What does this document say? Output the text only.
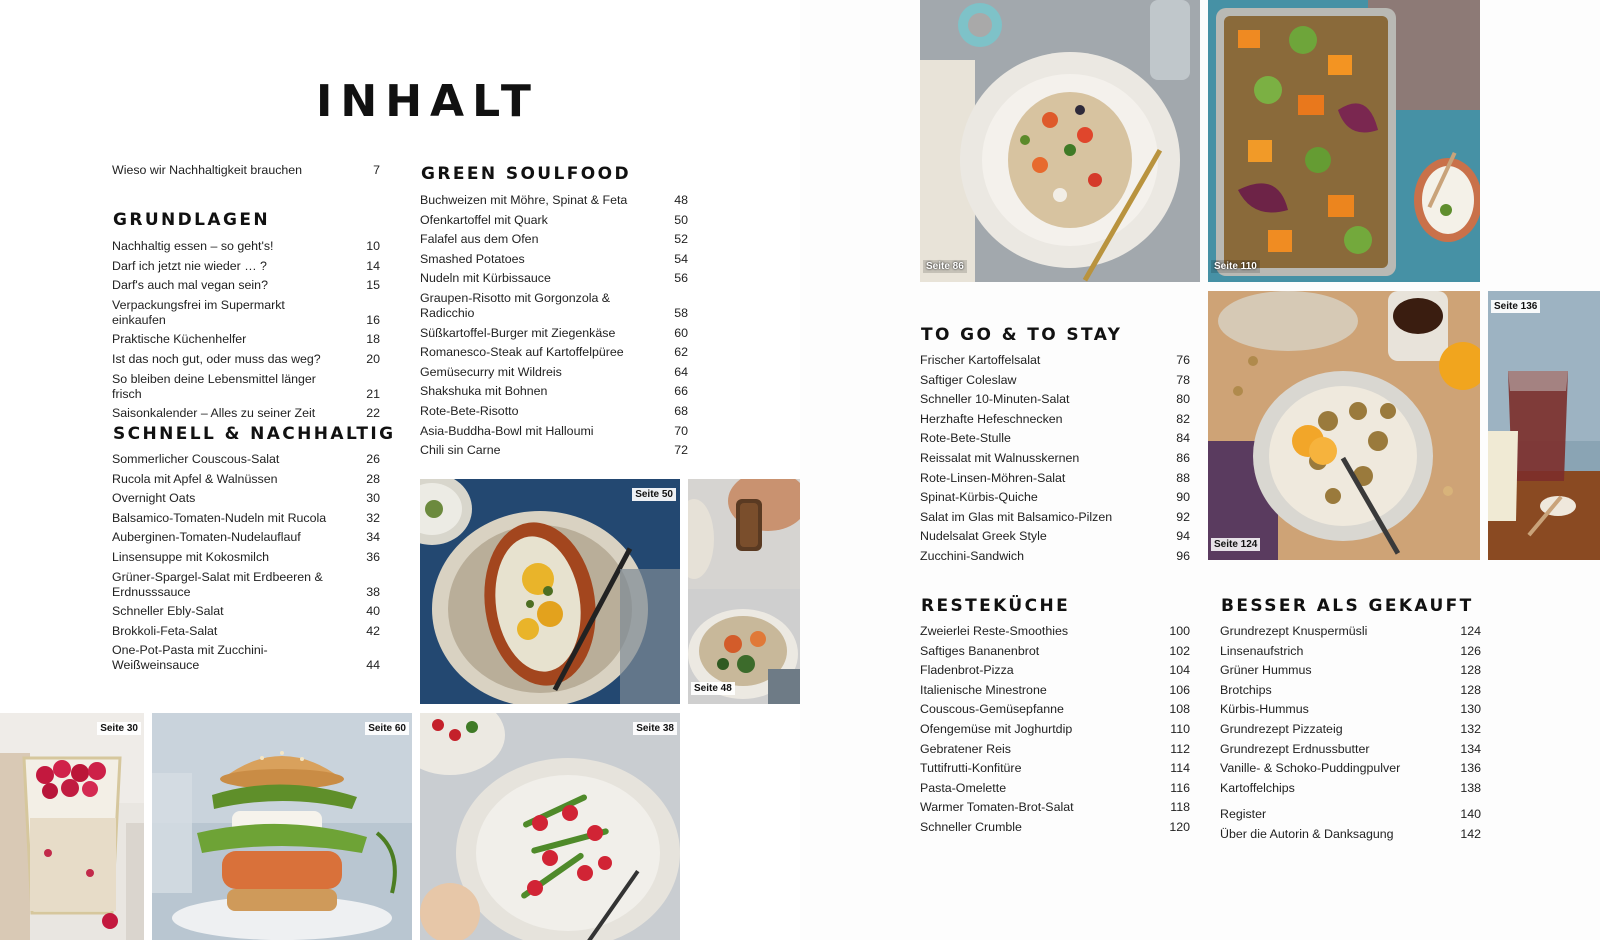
INHALT
Wieso wir Nachhaltigkeit brauchen	7
GRUNDLAGEN
Nachhaltig essen – so geht's!	10
Darf ich jetzt nie wieder … ?	14
Darf's auch mal vegan sein?	15
Verpackungsfrei im Supermarkt einkaufen	16
Praktische Küchenhelfer	18
Ist das noch gut, oder muss das weg?	20
So bleiben deine Lebensmittel länger frisch	21
Saisonkalender – Alles zu seiner Zeit	22
SCHNELL & NACHHALTIG
Sommerlicher Couscous-Salat	26
Rucola mit Apfel & Walnüssen	28
Overnight Oats	30
Balsamico-Tomaten-Nudeln mit Rucola	32
Auberginen-Tomaten-Nudelauflauf	34
Linsensuppe mit Kokosmilch	36
Grüner-Spargel-Salat mit Erdbeeren & Erdnusssauce	38
Schneller Ebly-Salat	40
Brokkoli-Feta-Salat	42
One-Pot-Pasta mit Zucchini-Weißweinsauce	44
GREEN SOULFOOD
Buchweizen mit Möhre, Spinat & Feta	48
Ofenkartoffel mit Quark	50
Falafel aus dem Ofen	52
Smashed Potatoes	54
Nudeln mit Kürbissauce	56
Graupen-Risotto mit Gorgonzola & Radicchio	58
Süßkartoffel-Burger mit Ziegenkäse	60
Romanesco-Steak auf Kartoffelpüree	62
Gemüsecurry mit Wildreis	64
Shakshuka mit Bohnen	66
Rote-Bete-Risotto	68
Asia-Buddha-Bowl mit Halloumi	70
Chili sin Carne	72
Seite 50
Seite 48
Seite 30	Seite 60	Seite 38
Seite 86	Seite 110
Seite 124
Seite 136
TO GO & TO STAY
Frischer Kartoffelsalat	76
Saftiger Coleslaw	78
Schneller 10-Minuten-Salat	80
Herzhafte Hefeschnecken	82
Rote-Bete-Stulle	84
Reissalat mit Walnusskernen	86
Rote-Linsen-Möhren-Salat	88
Spinat-Kürbis-Quiche	90
Salat im Glas mit Balsamico-Pilzen	92
Nudelsalat Greek Style	94
Zucchini-Sandwich	96
RESTEKÜCHE
Zweierlei Reste-Smoothies	100
Saftiges Bananenbrot	102
Fladenbrot-Pizza	104
Italienische Minestrone	106
Couscous-Gemüsepfanne	108
Ofengemüse mit Joghurtdip	110
Gebratener Reis	112
Tuttifrutti-Konfitüre	114
Pasta-Omelette	116
Warmer Tomaten-Brot-Salat	118
Schneller Crumble	120
BESSER ALS GEKAUFT
Grundrezept Knuspermüsli	124
Linsenaufstrich	126
Grüner Hummus	128
Brotchips	128
Kürbis-Hummus	130
Grundrezept Pizzateig	132
Grundrezept Erdnussbutter	134
Vanille- & Schoko-Puddingpulver	136
Kartoffelchips	138
Register	140
Über die Autorin & Danksagung	142
